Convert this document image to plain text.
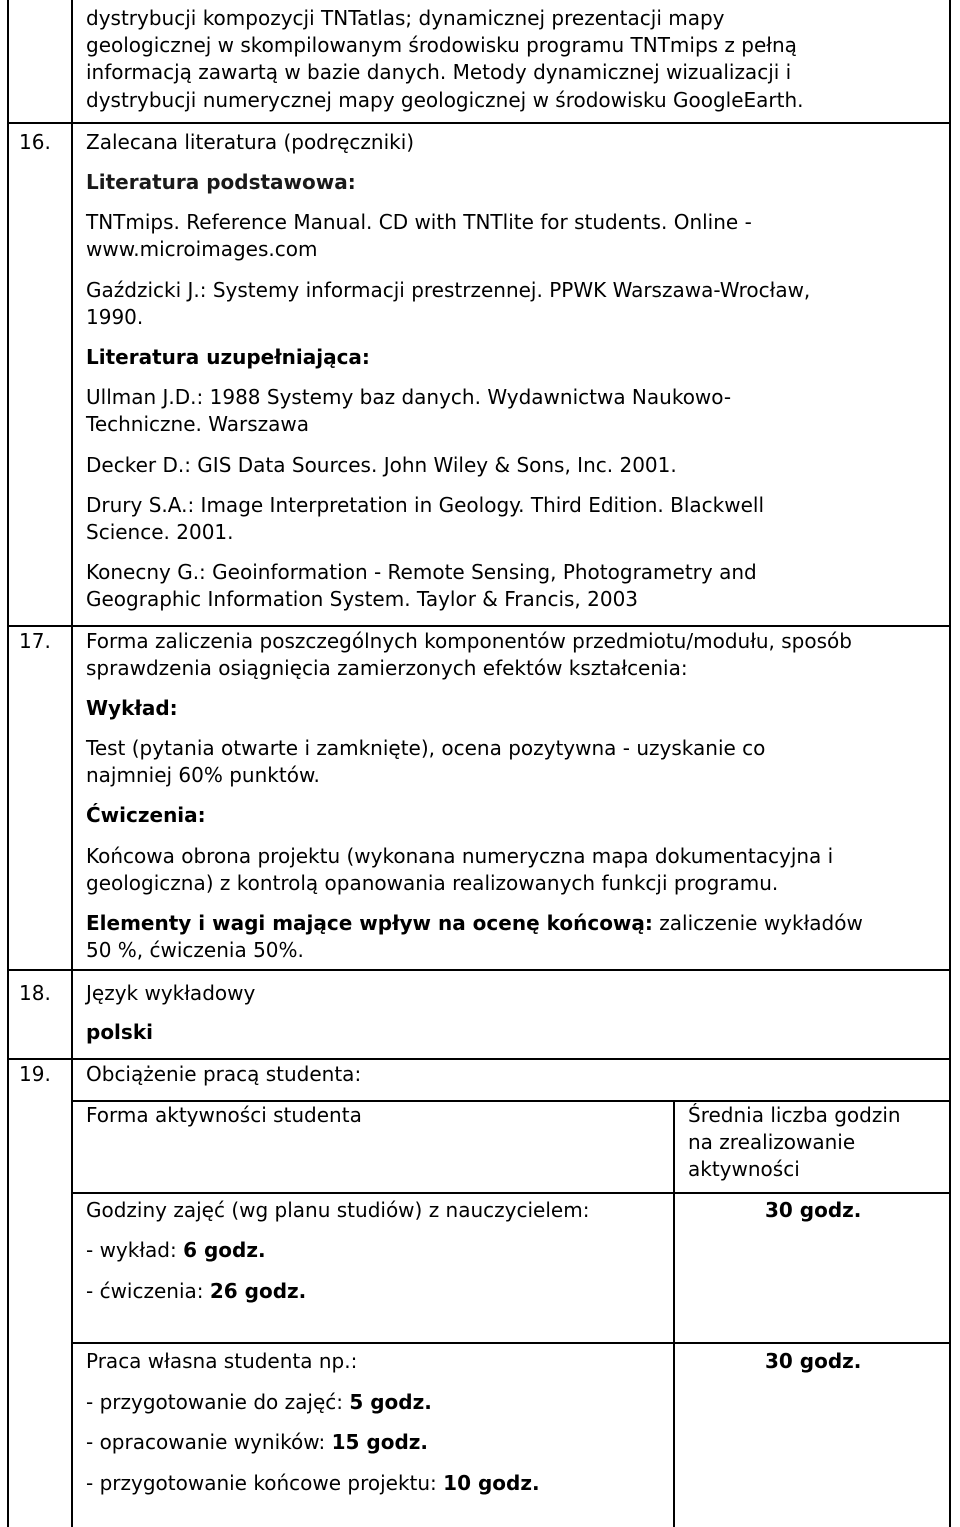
dystrybucji kompozycji TNTatlas; dynamicznej prezentacji mapy
geologicznej w skompilowanym środowisku programu TNTmips z pełną
informacją zawartą w bazie danych. Metody dynamicznej wizualizacji i
dystrybucji numerycznej mapy geologicznej w środowisku GoogleEarth.
16. Zalecana literatura (podręczniki)
Literatura podstawowa:
TNTmips. Reference Manual. CD with TNTlite for students. Online -
www.microimages.com
Gaździcki J.: Systemy informacji prestrzennej. PPWK Warszawa-Wrocław,
1990.
Literatura uzupełniająca:
Ullman J.D.: 1988 Systemy baz danych. Wydawnictwa Naukowo-
Techniczne. Warszawa
Decker D.: GIS Data Sources. John Wiley & Sons, Inc. 2001.
Drury S.A.: Image Interpretation in Geology. Third Edition. Blackwell
Science. 2001.
Konecny G.: Geoinformation - Remote Sensing, Photogrametry and
Geographic Information System. Taylor & Francis, 2003
17. Forma zaliczenia poszczególnych komponentów przedmiotu/modułu, sposób
sprawdzenia osiągnięcia zamierzonych efektów kształcenia:
Wykład:
Test (pytania otwarte i zamknięte), ocena pozytywna - uzyskanie co
najmniej 60% punktów.
Ćwiczenia:
Końcowa obrona projektu (wykonana numeryczna mapa dokumentacyjna i
geologiczna) z kontrolą opanowania realizowanych funkcji programu.
Elementy i wagi mające wpływ na ocenę końcową: zaliczenie wykładów
50 %, ćwiczenia 50%.
18. Język wykładowy
polski
19. Obciążenie pracą studenta:
Forma aktywności studenta	Średnia liczba godzin
na zrealizowanie
aktywności
Godziny zajęć (wg planu studiów) z nauczycielem:	30 godz.
- wykład: 6 godz.
- ćwiczenia: 26 godz.
Praca własna studenta np.:	30 godz.
- przygotowanie do zajęć: 5 godz.
- opracowanie wyników: 15 godz.
- przygotowanie końcowe projektu: 10 godz.
